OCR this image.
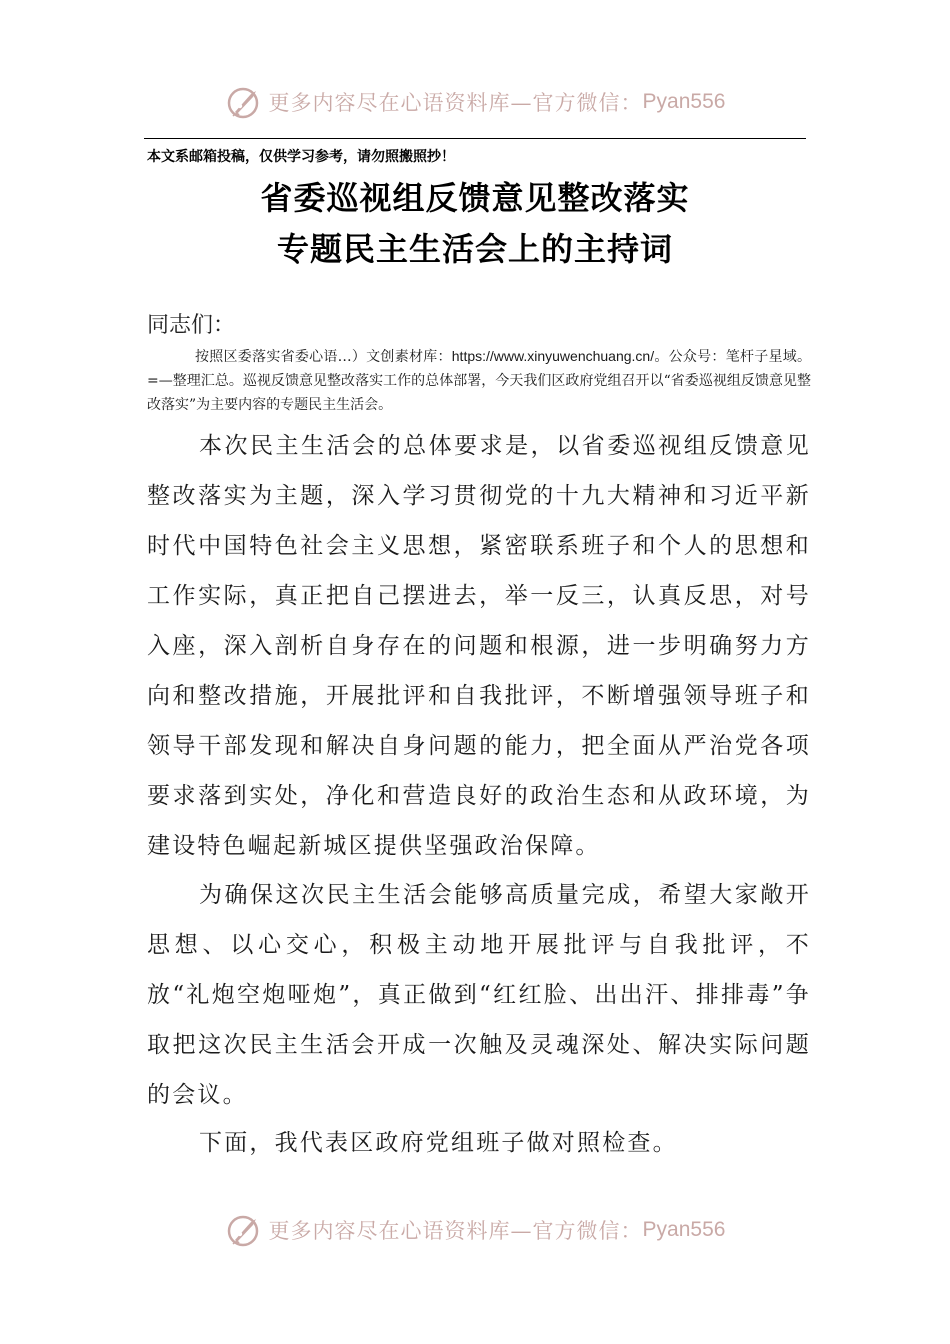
更多内容尽在心语资料库—官方微信： Pyan556
本文系邮箱投稿，仅供学习参考，请勿照搬照抄！
省委巡视组反馈意见整改落实
专题民主生活会上的主持词
同志们：
按照区委落实省委心语…）文创素材库：https://www.xinyuwenchuang.cn/。公众号：笔杆子星域。=—整理汇总。巡视反馈意见整改落实工作的总体部署，今天我们区政府党组召开以“省委巡视组反馈意见整改落实”为主要内容的专题民主生活会。
本次民主生活会的总体要求是，以省委巡视组反馈意见整改落实为主题，深入学习贯彻党的十九大精神和习近平新时代中国特色社会主义思想，紧密联系班子和个人的思想和工作实际，真正把自己摆进去，举一反三，认真反思，对号入座，深入剖析自身存在的问题和根源，进一步明确努力方向和整改措施，开展批评和自我批评，不断增强领导班子和领导干部发现和解决自身问题的能力，把全面从严治党各项要求落到实处，净化和营造良好的政治生态和从政环境，为建设特色崛起新城区提供坚强政治保障。
为确保这次民主生活会能够高质量完成，希望大家敞开思想、以心交心，积极主动地开展批评与自我批评，不放“礼炮空炮哑炮”，真正做到“红红脸、出出汗、排排毒”争取把这次民主生活会开成一次触及灵魂深处、解决实际问题的会议。
下面，我代表区政府党组班子做对照检查。
更多内容尽在心语资料库—官方微信： Pyan556
